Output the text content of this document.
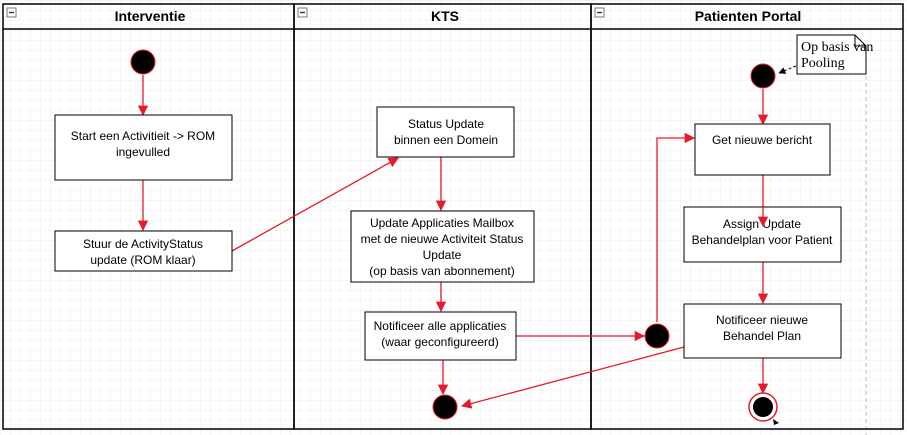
Interventie	KTS	Patienten Portal
Start een Activitieit -> ROM
ingevulled
Stuur de ActivityStatus
update (ROM klaar)
Status Update
binnen een Domein
Update Applicaties Mailbox
met de nieuwe Activiteit Status
Update
(op basis van abonnement)
Notificeer alle applicaties
(waar geconfigureerd)
Op basis van
Pooling
Get nieuwe bericht
Assign Update
Behandelplan voor Patient
Notificeer nieuwe
Behandel Plan
